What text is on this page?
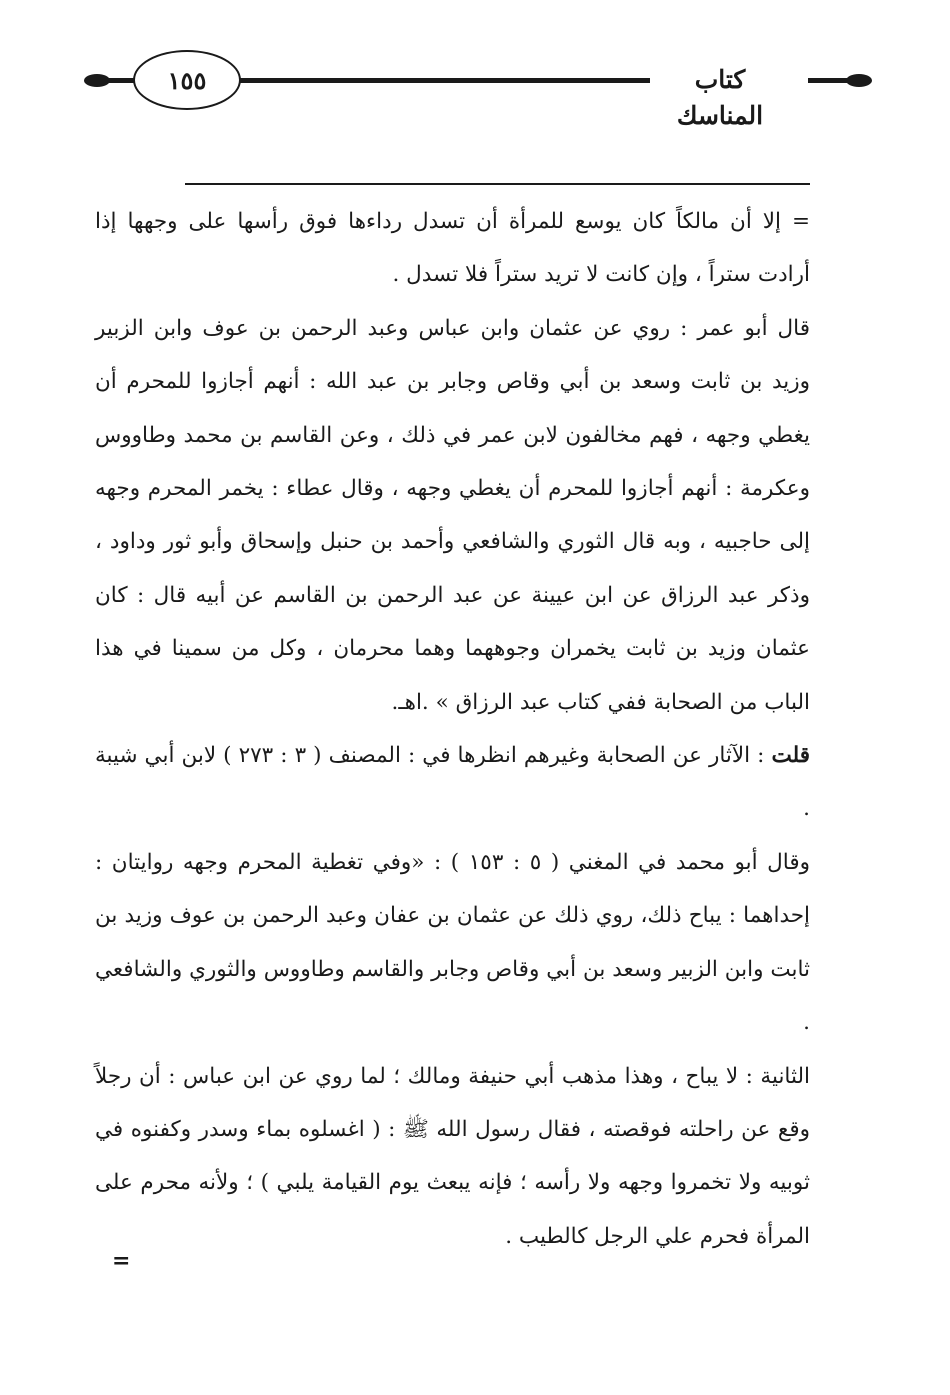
١٥٥	كتاب المناسك

= إلا أن مالكاً كان يوسع للمرأة أن تسدل رداءها فوق رأسها على وجهها إذا أرادت ستراً ، وإن كانت لا تريد ستراً فلا تسدل .

قال أبو عمر : روي عن عثمان وابن عباس وعبد الرحمن بن عوف وابن الزبير وزيد بن ثابت وسعد بن أبي وقاص وجابر بن عبد الله : أنهم أجازوا للمحرم أن يغطي وجهه ، فهم مخالفون لابن عمر في ذلك ، وعن القاسم بن محمد وطاووس وعكرمة : أنهم أجازوا للمحرم أن يغطي وجهه ، وقال عطاء : يخمر المحرم وجهه إلى حاجبيه ، وبه قال الثوري والشافعي وأحمد بن حنبل وإسحاق وأبو ثور وداود ، وذكر عبد الرزاق عن ابن عيينة عن عبد الرحمن بن القاسم عن أبيه قال : كان عثمان وزيد بن ثابت يخمران وجوههما وهما محرمان ، وكل من سمينا في هذا الباب من الصحابة ففي كتاب عبد الرزاق » .اهـ.

قلت : الآثار عن الصحابة وغيرهم انظرها في : المصنف ( ٣ : ٢٧٣ ) لابن أبي شيبة .

وقال أبو محمد في المغني ( ٥ : ١٥٣ ) : «وفي تغطية المحرم وجهه روايتان : إحداهما : يباح ذلك، روي ذلك عن عثمان بن عفان وعبد الرحمن بن عوف وزيد بن ثابت وابن الزبير وسعد بن أبي وقاص وجابر والقاسم وطاووس والثوري والشافعي .

الثانية : لا يباح ، وهذا مذهب أبي حنيفة ومالك ؛ لما روي عن ابن عباس : أن رجلاً وقع عن راحلته فوقصته ، فقال رسول الله ﷺ : ( اغسلوه بماء وسدر وكفنوه في ثوبيه ولا تخمروا وجهه ولا رأسه ؛ فإنه يبعث يوم القيامة يلبي ) ؛ ولأنه محرم على المرأة فحرم علي الرجل كالطيب .

=
